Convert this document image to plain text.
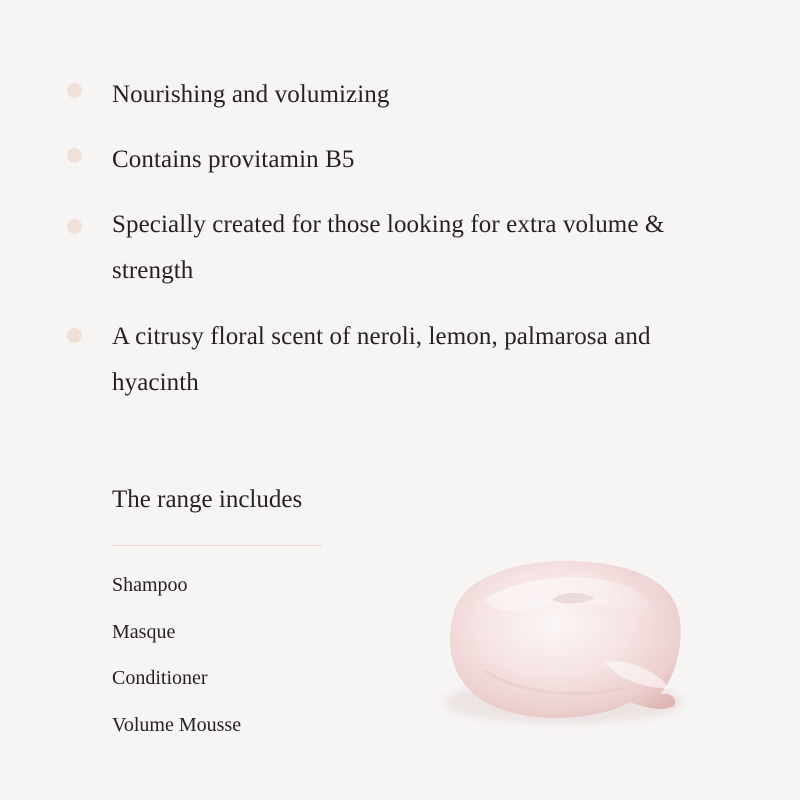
Nourishing and volumizing
Contains provitamin B5
Specially created for those looking for extra volume & strength
A citrusy floral scent of neroli, lemon, palmarosa and hyacinth
The range includes
Shampoo
Masque
Conditioner
Volume Mousse
